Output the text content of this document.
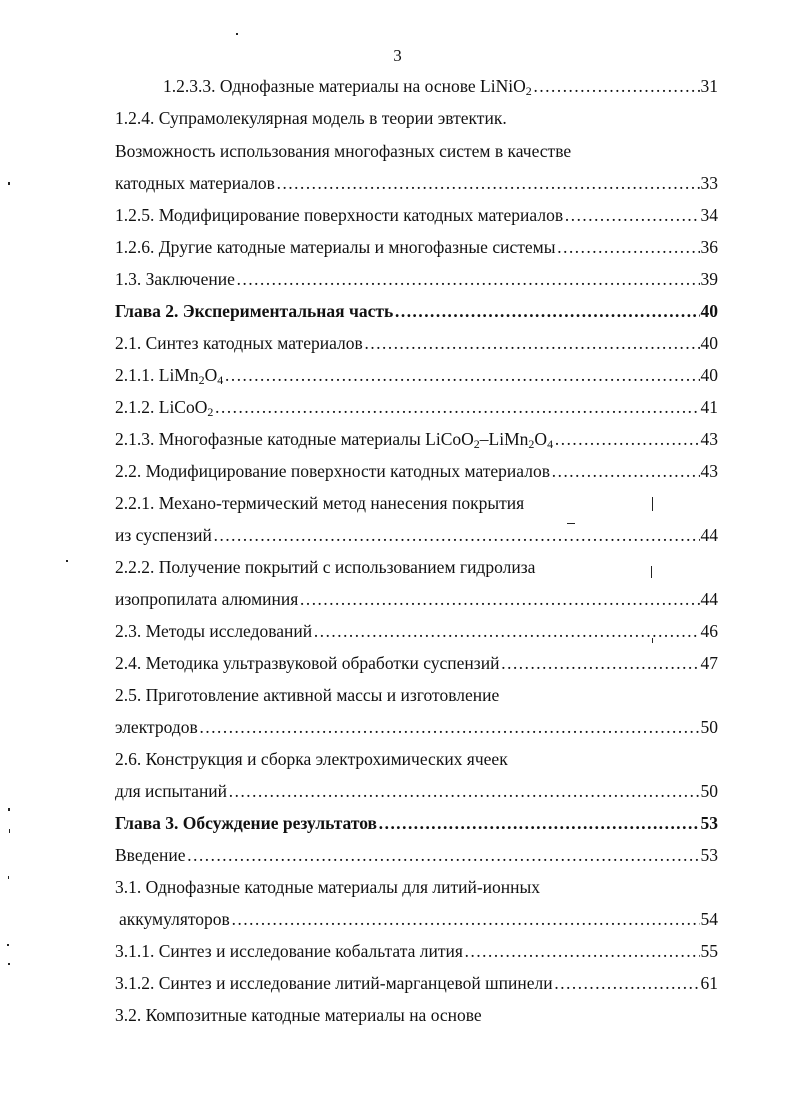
3
1.2.3.3. Однофазные материалы на основе LiNiO$_2$ …………………………………………………………………………………………………………………………………………………………	31
1.2.4. Супрамолекулярная модель в теории эвтектик.
Возможность использования многофазных систем в качестве
катодных материалов …………………………………………………………………………………………………………………………………………………………	33
1.2.5. Модифицирование поверхности катодных материалов …………………………………………………………………………………………………………………………………………………………	34
1.2.6. Другие катодные материалы и многофазные системы …………………………………………………………………………………………………………………………………………………………	36
1.3. Заключение …………………………………………………………………………………………………………………………………………………………	39
Глава 2. Экспериментальная часть …………………………………………………………………………………………………………………………………………………………	40
2.1. Синтез катодных материалов …………………………………………………………………………………………………………………………………………………………	40
2.1.1. $LiMn_2O_4$ …………………………………………………………………………………………………………………………………………………………	40
2.1.2. LiCoO$_2$ …………………………………………………………………………………………………………………………………………………………	41
2.1.3. Многофазные катодные материалы $LiCoO_2-LiMn_2O_4$ …………………………………………………………………………………………………………………………………………………………	43
2.2. Модифицирование поверхности катодных материалов …………………………………………………………………………………………………………………………………………………………	43
2.2.1. Механо-термический метод нанесения покрытия
из суспензий …………………………………………………………………………………………………………………………………………………………	44
2.2.2. Получение покрытий с использованием гидролиза
изопропилата алюминия …………………………………………………………………………………………………………………………………………………………	44
2.3. Методы исследований …………………………………………………………………………………………………………………………………………………………	46
2.4. Методика ультразвуковой обработки суспензий …………………………………………………………………………………………………………………………………………………………	47
2.5. Приготовление активной массы и изготовление
электродов …………………………………………………………………………………………………………………………………………………………	50
2.6. Конструкция и сборка электрохимических ячеек
для испытаний …………………………………………………………………………………………………………………………………………………………	50
Глава 3. Обсуждение результатов …………………………………………………………………………………………………………………………………………………………	53
Введение …………………………………………………………………………………………………………………………………………………………	53
3.1. Однофазные катодные материалы для литий-ионных
аккумуляторов …………………………………………………………………………………………………………………………………………………………	54
3.1.1. Синтез и исследование кобальтата лития …………………………………………………………………………………………………………………………………………………………	55
3.1.2. Синтез и исследование литий-марганцевой шпинели …………………………………………………………………………………………………………………………………………………………	61
3.2. Композитные катодные материалы на основе
